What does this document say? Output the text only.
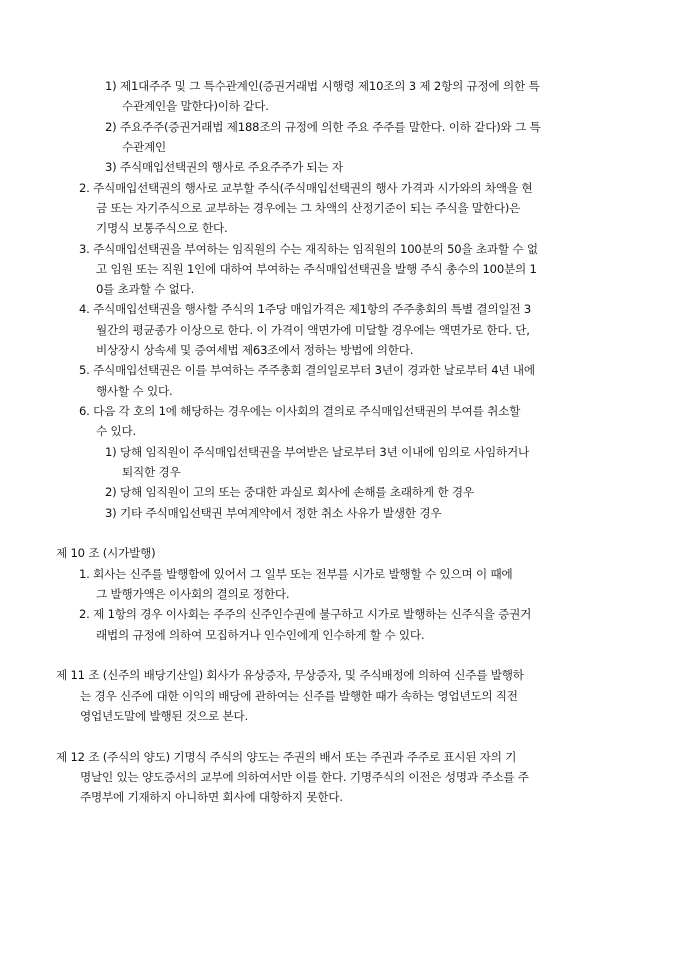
1) 제1대주주 및 그 특수관계인(증권거래법 시행령 제10조의 3 제 2항의 규정에 의한 특

수관계인을 말한다)이하 같다.

2) 주요주주(증권거래법 제188조의 규정에 의한 주요 주주를 말한다. 이하 같다)와 그 특

수관계인

3) 주식매입선택권의 행사로 주요주주가 되는 자

2. 주식매입선택권의 행사로 교부할 주식(주식매입선택권의 행사 가격과 시가와의 차액을 현

금 또는 자기주식으로 교부하는 경우에는 그 차액의 산정기준이 되는 주식을 말한다)은

기명식 보통주식으로 한다.

3. 주식매입선택권을 부여하는 임직원의 수는 재직하는 임직원의 100분의 50을 초과할 수 없

고 임원 또는 직원 1인에 대하여 부여하는 주식매입선택권을 발행 주식 총수의 100분의 1

0를 초과할 수 없다.

4. 주식매입선택권을 행사할 주식의 1주당 매입가격은 제1항의 주주총회의 특별 결의일전 3

월간의 평균종가 이상으로 한다. 이 가격이 액면가에 미달할 경우에는 액면가로 한다. 단,

비상장시 상속세 및 증여세법 제63조에서 정하는 방법에 의한다.

5. 주식매입선택권은 이를 부여하는 주주총회 결의일로부터 3년이 경과한 날로부터 4년 내에

행사할 수 있다.

6. 다음 각 호의 1에 해당하는 경우에는 이사회의 결의로 주식매입선택권의 부여를 취소할

수 있다.

1) 당해 임직원이 주식매입선택권을 부여받은 날로부터 3년 이내에 임의로 사임하거나

퇴직한 경우

2) 당해 임직원이 고의 또는 중대한 과실로 회사에 손해를 초래하게 한 경우

3) 기타 주식매입선택권 부여계약에서 정한 취소 사유가 발생한 경우

제 10 조 (시가발행)

1. 회사는 신주를 발행함에 있어서 그 일부 또는 전부를 시가로 발행할 수 있으며 이 때에

그 발행가액은 이사회의 결의로 정한다.

2. 제 1항의 경우 이사회는 주주의 신주인수권에 불구하고 시가로 발행하는 신주식을 증권거

래법의 규정에 의하여 모집하거나 인수인에게 인수하게 할 수 있다.

제 11 조 (신주의 배당기산일) 회사가 유상증자, 무상증자, 및 주식배정에 의하여 신주를 발행하

는 경우 신주에 대한 이익의 배당에 관하여는 신주를 발행한 때가 속하는 영업년도의 직전

영업년도말에 발행된 것으로 본다.

제 12 조 (주식의 양도) 기명식 주식의 양도는 주권의 배서 또는 주권과 주주로 표시된 자의 기

명날인 있는 양도증서의 교부에 의하여서만 이를 한다. 기명주식의 이전은 성명과 주소를 주

주명부에 기재하지 아니하면 회사에 대항하지 못한다.
